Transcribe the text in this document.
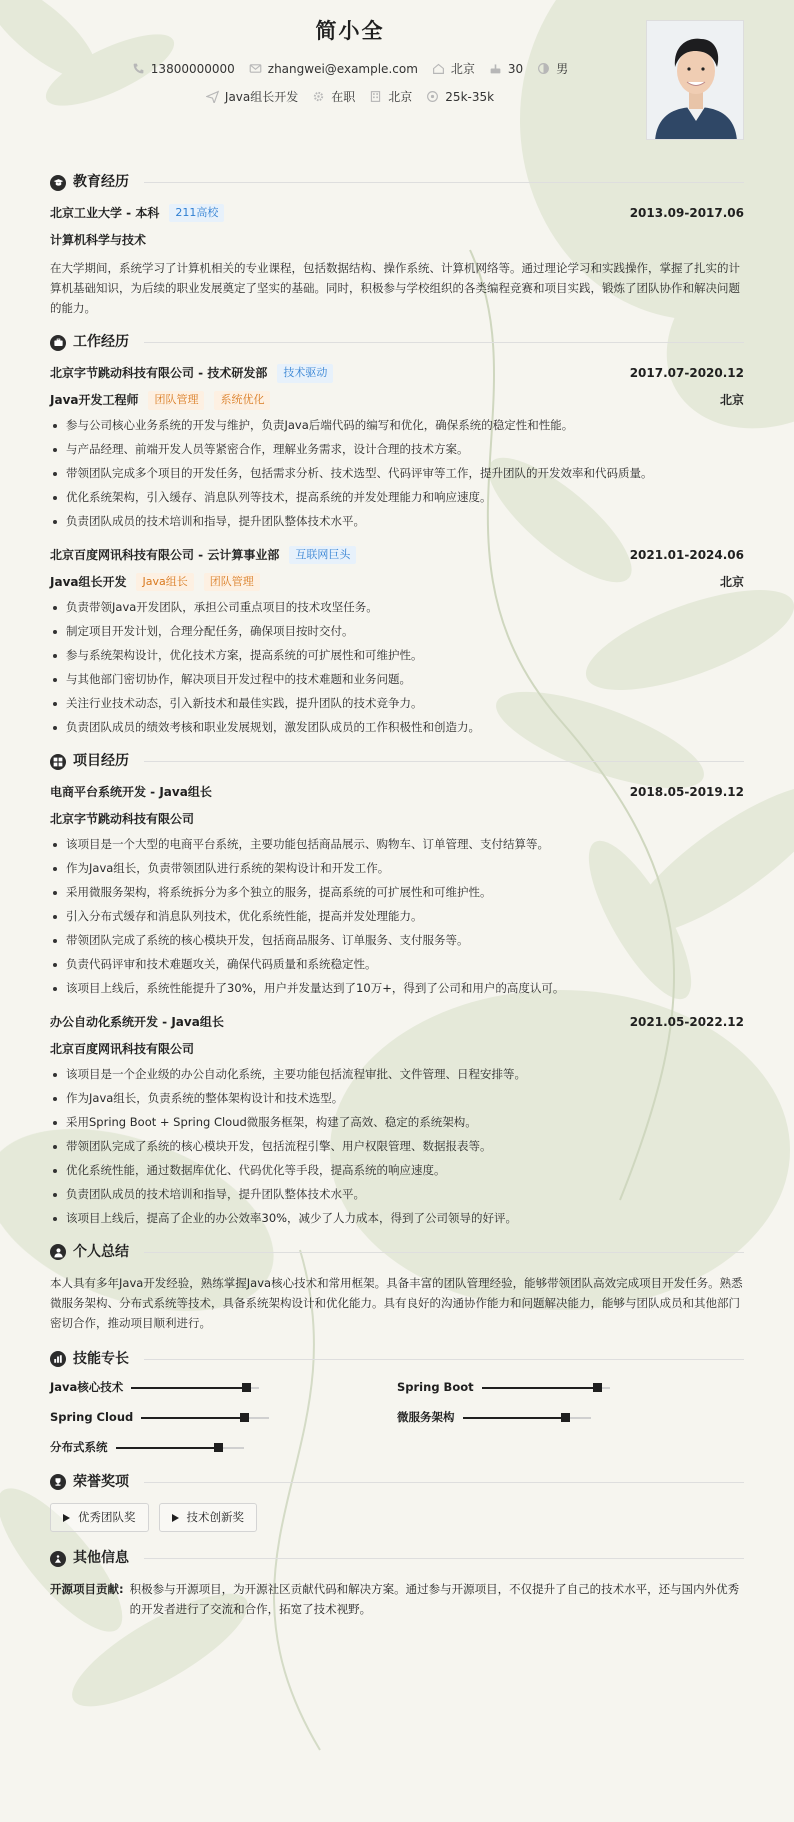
简小全
13800000000	zhangwei@example.com	北京	30	男
Java组长开发	在职	北京	25k-35k
教育经历
北京工业大学 - 本科	211高校	2013.09-2017.06
计算机科学与技术
在大学期间，系统学习了计算机相关的专业课程，包括数据结构、操作系统、计算机网络等。通过理论学习和实践操作，掌握了扎实的计算机基础知识，为后续的职业发展奠定了坚实的基础。同时，积极参与学校组织的各类编程竞赛和项目实践，锻炼了团队协作和解决问题的能力。
工作经历
北京字节跳动科技有限公司 - 技术研发部	技术驱动	2017.07-2020.12
Java开发工程师	团队管理	系统优化	北京
参与公司核心业务系统的开发与维护，负责Java后端代码的编写和优化，确保系统的稳定性和性能。
与产品经理、前端开发人员等紧密合作，理解业务需求，设计合理的技术方案。
带领团队完成多个项目的开发任务，包括需求分析、技术选型、代码评审等工作，提升团队的开发效率和代码质量。
优化系统架构，引入缓存、消息队列等技术，提高系统的并发处理能力和响应速度。
负责团队成员的技术培训和指导，提升团队整体技术水平。
北京百度网讯科技有限公司 - 云计算事业部	互联网巨头	2021.01-2024.06
Java组长开发	Java组长	团队管理	北京
负责带领Java开发团队，承担公司重点项目的技术攻坚任务。
制定项目开发计划，合理分配任务，确保项目按时交付。
参与系统架构设计，优化技术方案，提高系统的可扩展性和可维护性。
与其他部门密切协作，解决项目开发过程中的技术难题和业务问题。
关注行业技术动态，引入新技术和最佳实践，提升团队的技术竞争力。
负责团队成员的绩效考核和职业发展规划，激发团队成员的工作积极性和创造力。
项目经历
电商平台系统开发 - Java组长	2018.05-2019.12
北京字节跳动科技有限公司
该项目是一个大型的电商平台系统，主要功能包括商品展示、购物车、订单管理、支付结算等。
作为Java组长，负责带领团队进行系统的架构设计和开发工作。
采用微服务架构，将系统拆分为多个独立的服务，提高系统的可扩展性和可维护性。
引入分布式缓存和消息队列技术，优化系统性能，提高并发处理能力。
带领团队完成了系统的核心模块开发，包括商品服务、订单服务、支付服务等。
负责代码评审和技术难题攻关，确保代码质量和系统稳定性。
该项目上线后，系统性能提升了30%，用户并发量达到了10万+，得到了公司和用户的高度认可。
办公自动化系统开发 - Java组长	2021.05-2022.12
北京百度网讯科技有限公司
该项目是一个企业级的办公自动化系统，主要功能包括流程审批、文件管理、日程安排等。
作为Java组长，负责系统的整体架构设计和技术选型。
采用Spring Boot + Spring Cloud微服务框架，构建了高效、稳定的系统架构。
带领团队完成了系统的核心模块开发，包括流程引擎、用户权限管理、数据报表等。
优化系统性能，通过数据库优化、代码优化等手段，提高系统的响应速度。
负责团队成员的技术培训和指导，提升团队整体技术水平。
该项目上线后，提高了企业的办公效率30%，减少了人力成本，得到了公司领导的好评。
个人总结
本人具有多年Java开发经验，熟练掌握Java核心技术和常用框架。具备丰富的团队管理经验，能够带领团队高效完成项目开发任务。熟悉微服务架构、分布式系统等技术，具备系统架构设计和优化能力。具有良好的沟通协作能力和问题解决能力，能够与团队成员和其他部门密切合作，推动项目顺利进行。
技能专长
Java核心技术	Spring Boot
Spring Cloud	微服务架构
分布式系统
荣誉奖项
优秀团队奖	技术创新奖
其他信息
开源项目贡献: 积极参与开源项目，为开源社区贡献代码和解决方案。通过参与开源项目，不仅提升了自己的技术水平，还与国内外优秀的开发者进行了交流和合作，拓宽了技术视野。
